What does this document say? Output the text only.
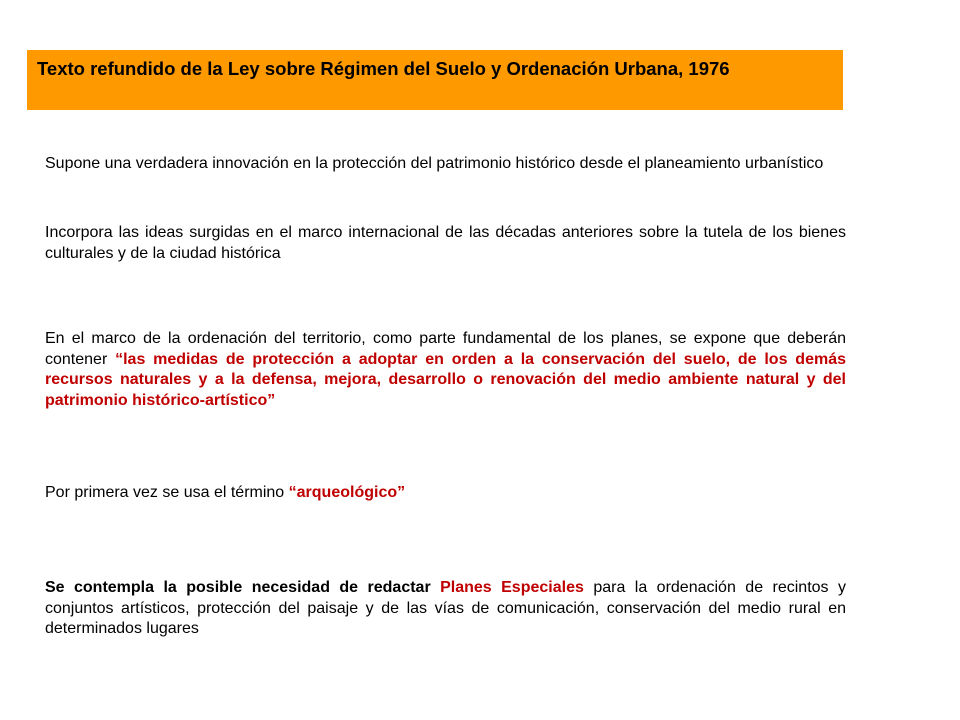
Texto refundido de la Ley sobre Régimen del Suelo y Ordenación Urbana, 1976
Supone una verdadera innovación en la protección del patrimonio histórico desde el planeamiento urbanístico
Incorpora las ideas surgidas en el marco internacional de las décadas anteriores sobre la tutela de los bienes culturales y de la ciudad histórica
En el marco de la ordenación del territorio, como parte fundamental de los planes, se expone que deberán contener “las medidas de protección a adoptar en orden a la conservación del suelo, de los demás recursos naturales y a la defensa, mejora, desarrollo o renovación del medio ambiente natural y del patrimonio histórico-artístico”
Por primera vez se usa el término “arqueológico”
Se contempla la posible necesidad de redactar Planes Especiales para la ordenación de recintos y conjuntos artísticos, protección del paisaje y de las vías de comunicación, conservación del medio rural en determinados lugares
